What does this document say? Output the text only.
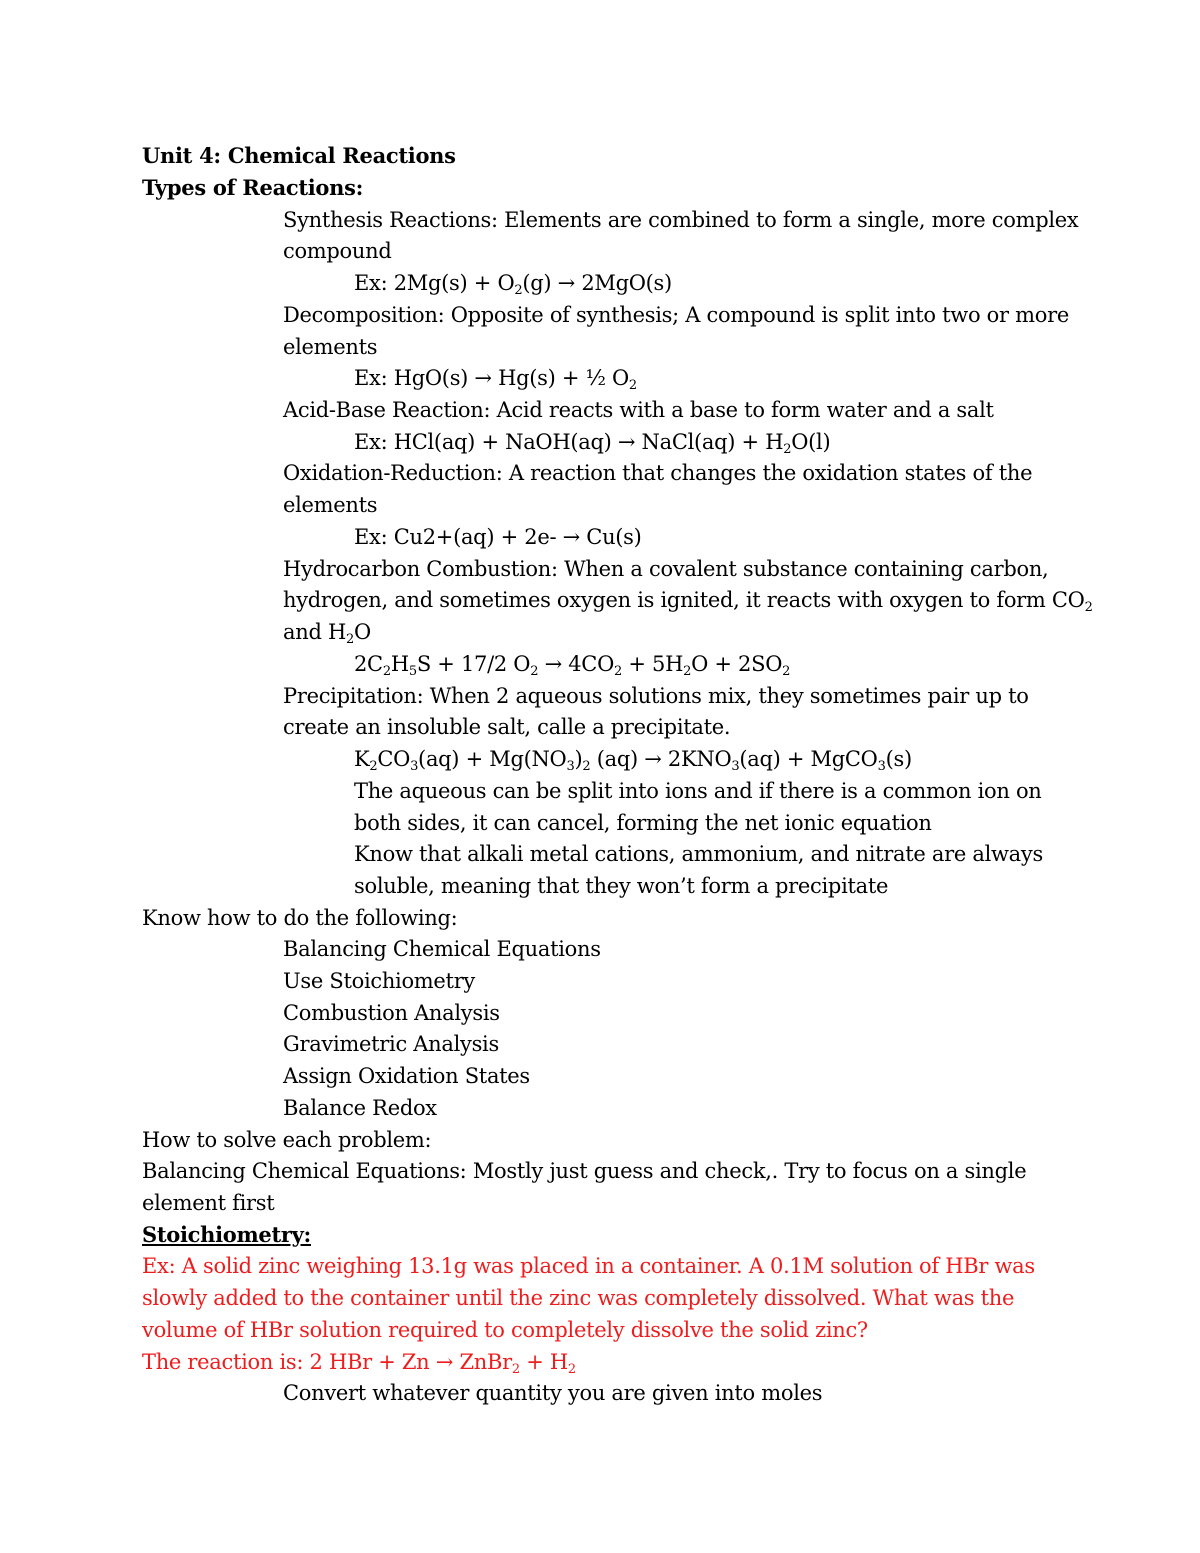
Unit 4: Chemical Reactions
Types of Reactions:
Synthesis Reactions: Elements are combined to form a single, more complex
compound
Ex: $2Mg(s) + O_2(g) \to 2MgO(s)$
Decomposition: Opposite of synthesis; A compound is split into two or more
elements
Ex: HgO(s) → Hg(s) + ½ $O_2$
Acid-Base Reaction: Acid reacts with a base to form water and a salt
Ex: HCl(aq) + NaOH(aq) → NaCl(aq) + $H_2O(l)$
Oxidation-Reduction: A reaction that changes the oxidation states of the
elements
Ex: Cu2+(aq) + 2e- → Cu(s)
Hydrocarbon Combustion: When a covalent substance containing carbon,
hydrogen, and sometimes oxygen is ignited, it reacts with oxygen to form $CO_2$
and $H_2O$
$2C_2H_5S + 17/2$ $O_2 \to 4CO_2 + 5H_2O + 2SO_2$
Precipitation: When 2 aqueous solutions mix, they sometimes pair up to
create an insoluble salt, calle a precipitate.
$K_2CO_3(aq) + Mg(NO_3)_2$ $(aq) \to 2KNO_3(aq)$ + MgCO$_3$(s)
The aqueous can be split into ions and if there is a common ion on
both sides, it can cancel, forming the net ionic equation
Know that alkali metal cations, ammonium, and nitrate are always
soluble, meaning that they won’t form a precipitate
Know how to do the following:
Balancing Chemical Equations
Use Stoichiometry
Combustion Analysis
Gravimetric Analysis
Assign Oxidation States
Balance Redox
How to solve each problem:
Balancing Chemical Equations: Mostly just guess and check,. Try to focus on a single
element first
Stoichiometry:
Ex: A solid zinc weighing 13.1g was placed in a container. A 0.1M solution of HBr was
slowly added to the container until the zinc was completely dissolved. What was the
volume of HBr solution required to completely dissolve the solid zinc?
The reaction is: 2 HBr + Zn → ZnBr$_2$ + $H_2$
Convert whatever quantity you are given into moles
